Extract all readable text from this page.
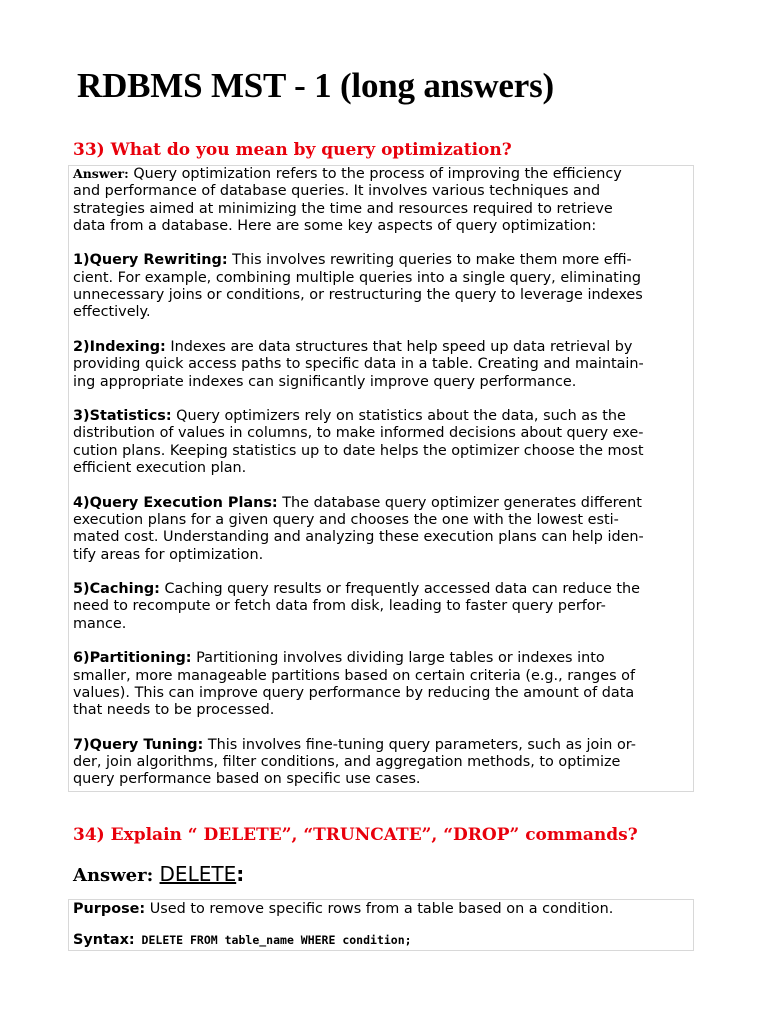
RDBMS MST - 1 (long answers)
33) What do you mean by query optimization?

Answer: Query optimization refers to the process of improving the efficiency
and performance of database queries. It involves various techniques and
strategies aimed at minimizing the time and resources required to retrieve
data from a database. Here are some key aspects of query optimization:

1)Query Rewriting: This involves rewriting queries to make them more effi-
cient. For example, combining multiple queries into a single query, eliminating
unnecessary joins or conditions, or restructuring the query to leverage indexes
effectively.

2)Indexing: Indexes are data structures that help speed up data retrieval by
providing quick access paths to specific data in a table. Creating and maintain-
ing appropriate indexes can significantly improve query performance.

3)Statistics: Query optimizers rely on statistics about the data, such as the
distribution of values in columns, to make informed decisions about query exe-
cution plans. Keeping statistics up to date helps the optimizer choose the most
efficient execution plan.

4)Query Execution Plans: The database query optimizer generates different
execution plans for a given query and chooses the one with the lowest esti-
mated cost. Understanding and analyzing these execution plans can help iden-
tify areas for optimization.

5)Caching: Caching query results or frequently accessed data can reduce the
need to recompute or fetch data from disk, leading to faster query perfor-
mance.

6)Partitioning: Partitioning involves dividing large tables or indexes into
smaller, more manageable partitions based on certain criteria (e.g., ranges of
values). This can improve query performance by reducing the amount of data
that needs to be processed.

7)Query Tuning: This involves fine-tuning query parameters, such as join or-
der, join algorithms, filter conditions, and aggregation methods, to optimize
query performance based on specific use cases.

34) Explain “ DELETE”, “TRUNCATE”, “DROP” commands?
Answer: DELETE:

Purpose: Used to remove specific rows from a table based on a condition.

Syntax: DELETE FROM table_name WHERE condition;
